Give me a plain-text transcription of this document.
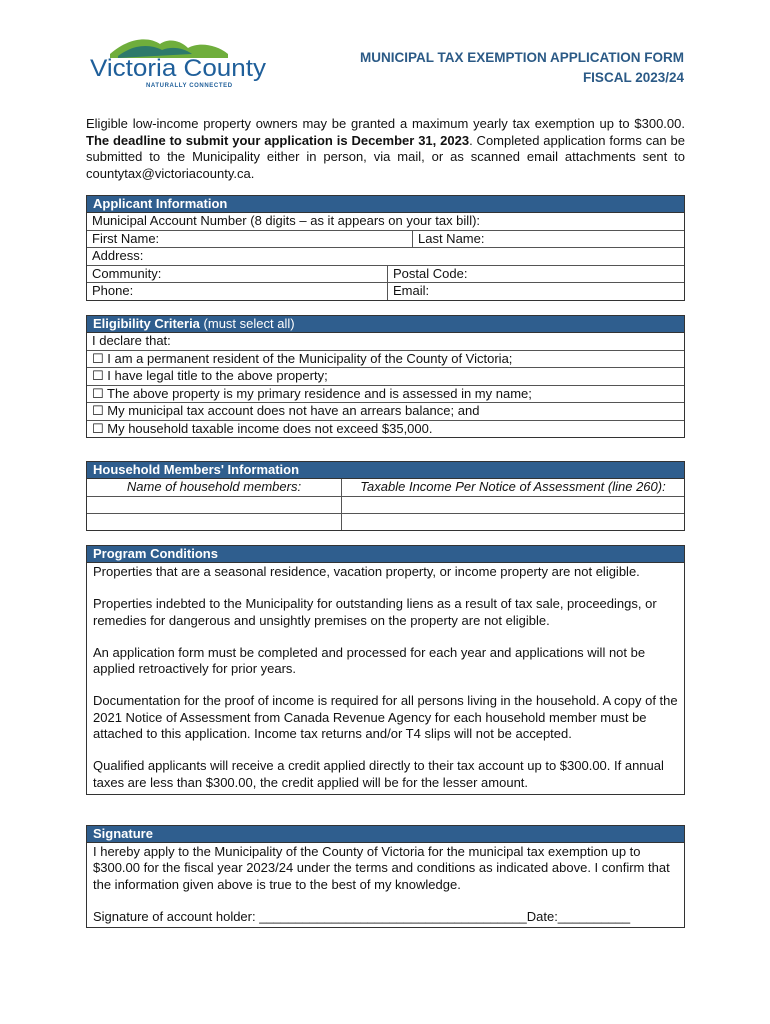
Victoria County
NATURALLY CONNECTED
MUNICIPAL TAX EXEMPTION APPLICATION FORM
FISCAL 2023/24
Eligible low-income property owners may be granted a maximum yearly tax exemption up to $300.00. The deadline to submit your application is December 31, 2023. Completed application forms can be submitted to the Municipality either in person, via mail, or as scanned email attachments sent to countytax@victoriacounty.ca.
Applicant Information
Municipal Account Number (8 digits – as it appears on your tax bill):
First Name:	Last Name:
Address:
Community:	Postal Code:
Phone:	Email:
Eligibility Criteria (must select all)
I declare that:
☐ I am a permanent resident of the Municipality of the County of Victoria;
☐ I have legal title to the above property;
☐ The above property is my primary residence and is assessed in my name;
☐ My municipal tax account does not have an arrears balance; and
☐ My household taxable income does not exceed $35,000.
Household Members' Information
Name of household members:	Taxable Income Per Notice of Assessment (line 260):
Program Conditions
Properties that are a seasonal residence, vacation property, or income property are not eligible.
Properties indebted to the Municipality for outstanding liens as a result of tax sale, proceedings, or remedies for dangerous and unsightly premises on the property are not eligible.
An application form must be completed and processed for each year and applications will not be applied retroactively for prior years.
Documentation for the proof of income is required for all persons living in the household. A copy of the 2021 Notice of Assessment from Canada Revenue Agency for each household member must be attached to this application. Income tax returns and/or T4 slips will not be accepted.
Qualified applicants will receive a credit applied directly to their tax account up to $300.00. If annual taxes are less than $300.00, the credit applied will be for the lesser amount.
Signature
I hereby apply to the Municipality of the County of Victoria for the municipal tax exemption up to $300.00 for the fiscal year 2023/24 under the terms and conditions as indicated above. I confirm that the information given above is true to the best of my knowledge.
Signature of account holder: _____________________________________Date:__________
